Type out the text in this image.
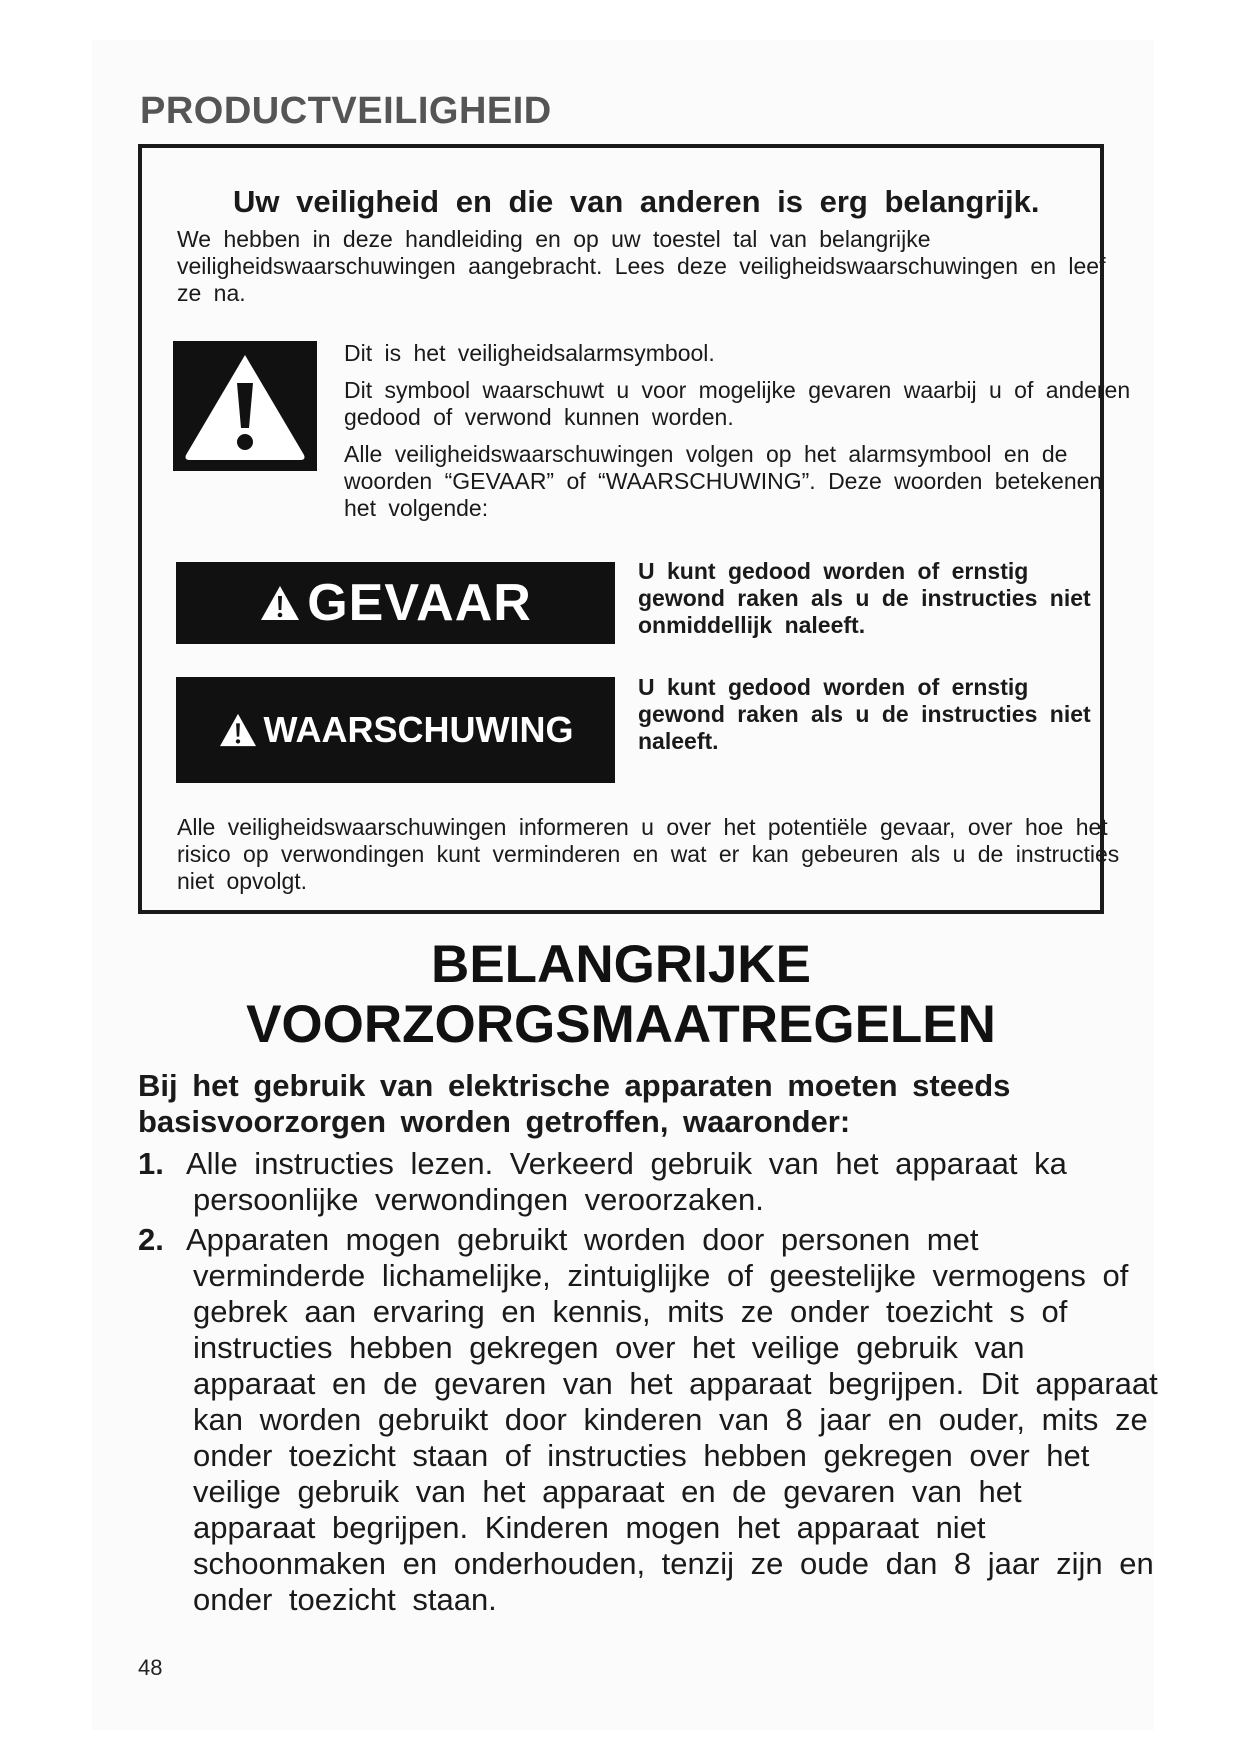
PRODUCTVEILIGHEID
Uw veiligheid en die van anderen is erg belangrijk.
We hebben in deze handleiding en op uw toestel tal van belangrijke veiligheidswaarschuwingen aangebracht. Lees deze veiligheidswaarschuwingen en leef ze na.

Dit is het veiligheidsalarmsymbool.

Dit symbool waarschuwt u voor mogelijke gevaren waarbij u of anderen gedood of verwond kunnen worden.

Alle veiligheidswaarschuwingen volgen op het alarmsymbool en de woorden “GEVAAR” of “WAARSCHUWING”. Deze woorden betekenen het volgende:

GEVAAR
U kunt gedood worden of ernstig gewond raken als u de instructies niet onmiddellijk naleeft.
WAARSCHUWING
U kunt gedood worden of ernstig gewond raken als u de instructies niet naleeft.
Alle veiligheidswaarschuwingen informeren u over het potentiële gevaar, over hoe het risico op verwondingen kunt verminderen en wat er kan gebeuren als u de instructies niet opvolgt.
BELANGRIJKE VOORZORGSMAATREGELEN

Bij het gebruik van elektrische apparaten moeten steeds basisvoorzorgen worden getroffen, waaronder:

1. Alle instructies lezen. Verkeerd gebruik van het apparaat ka
persoonlijke verwondingen veroorzaken.
2. Apparaten mogen gebruikt worden door personen met
verminderde lichamelijke, zintuiglijke of geestelijke vermogens of gebrek aan ervaring en kennis, mits ze onder toezicht s of instructies hebben gekregen over het veilige gebruik van apparaat en de gevaren van het apparaat begrijpen. Dit apparaat kan worden gebruikt door kinderen van 8 jaar en ouder, mits ze onder toezicht staan of instructies hebben gekregen over het veilige gebruik van het apparaat en de gevaren van het apparaat begrijpen. Kinderen mogen het apparaat niet schoonmaken en onderhouden, tenzij ze oude dan 8 jaar zijn en onder toezicht staan.
48
